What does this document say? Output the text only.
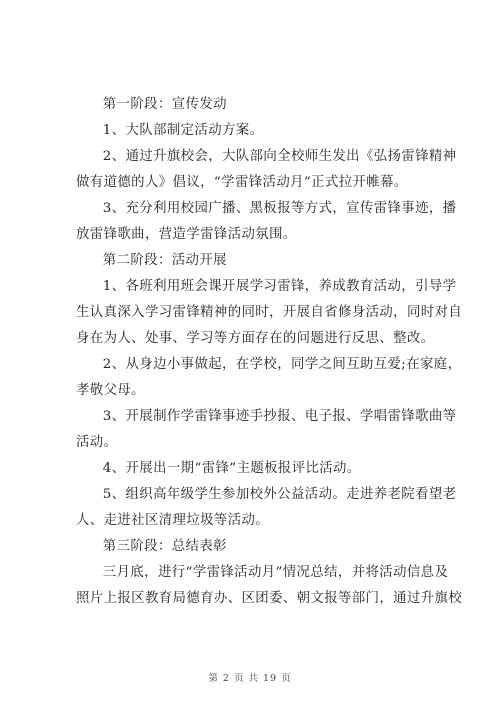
　第一阶段：宣传发动
　1、大队部制定活动方案。
　2、通过升旗校会，大队部向全校师生发出《弘扬雷锋精神
做有道德的人》倡议，“学雷锋活动月”正式拉开帷幕。
　3、充分利用校园广播、黑板报等方式，宣传雷锋事迹，播
放雷锋歌曲，营造学雷锋活动氛围。
　第二阶段：活动开展
　1、各班利用班会课开展学习雷锋，养成教育活动，引导学
生认真深入学习雷锋精神的同时，开展自省修身活动，同时对自
身在为人、处事、学习等方面存在的问题进行反思、整改。
　2、从身边小事做起，在学校，同学之间互助互爱;在家庭，
孝敬父母。
　3、开展制作学雷锋事迹手抄报、电子报、学唱雷锋歌曲等
活动。
　4、开展出一期“雷锋”主题板报评比活动。
　5、组织高年级学生参加校外公益活动。走进养老院看望老
人、走进社区清理垃圾等活动。
　第三阶段：总结表彰
　三月底，进行“学雷锋活动月”情况总结，并将活动信息及
照片上报区教育局德育办、区团委、朝文报等部门，通过升旗校
第 2 页 共 19 页
